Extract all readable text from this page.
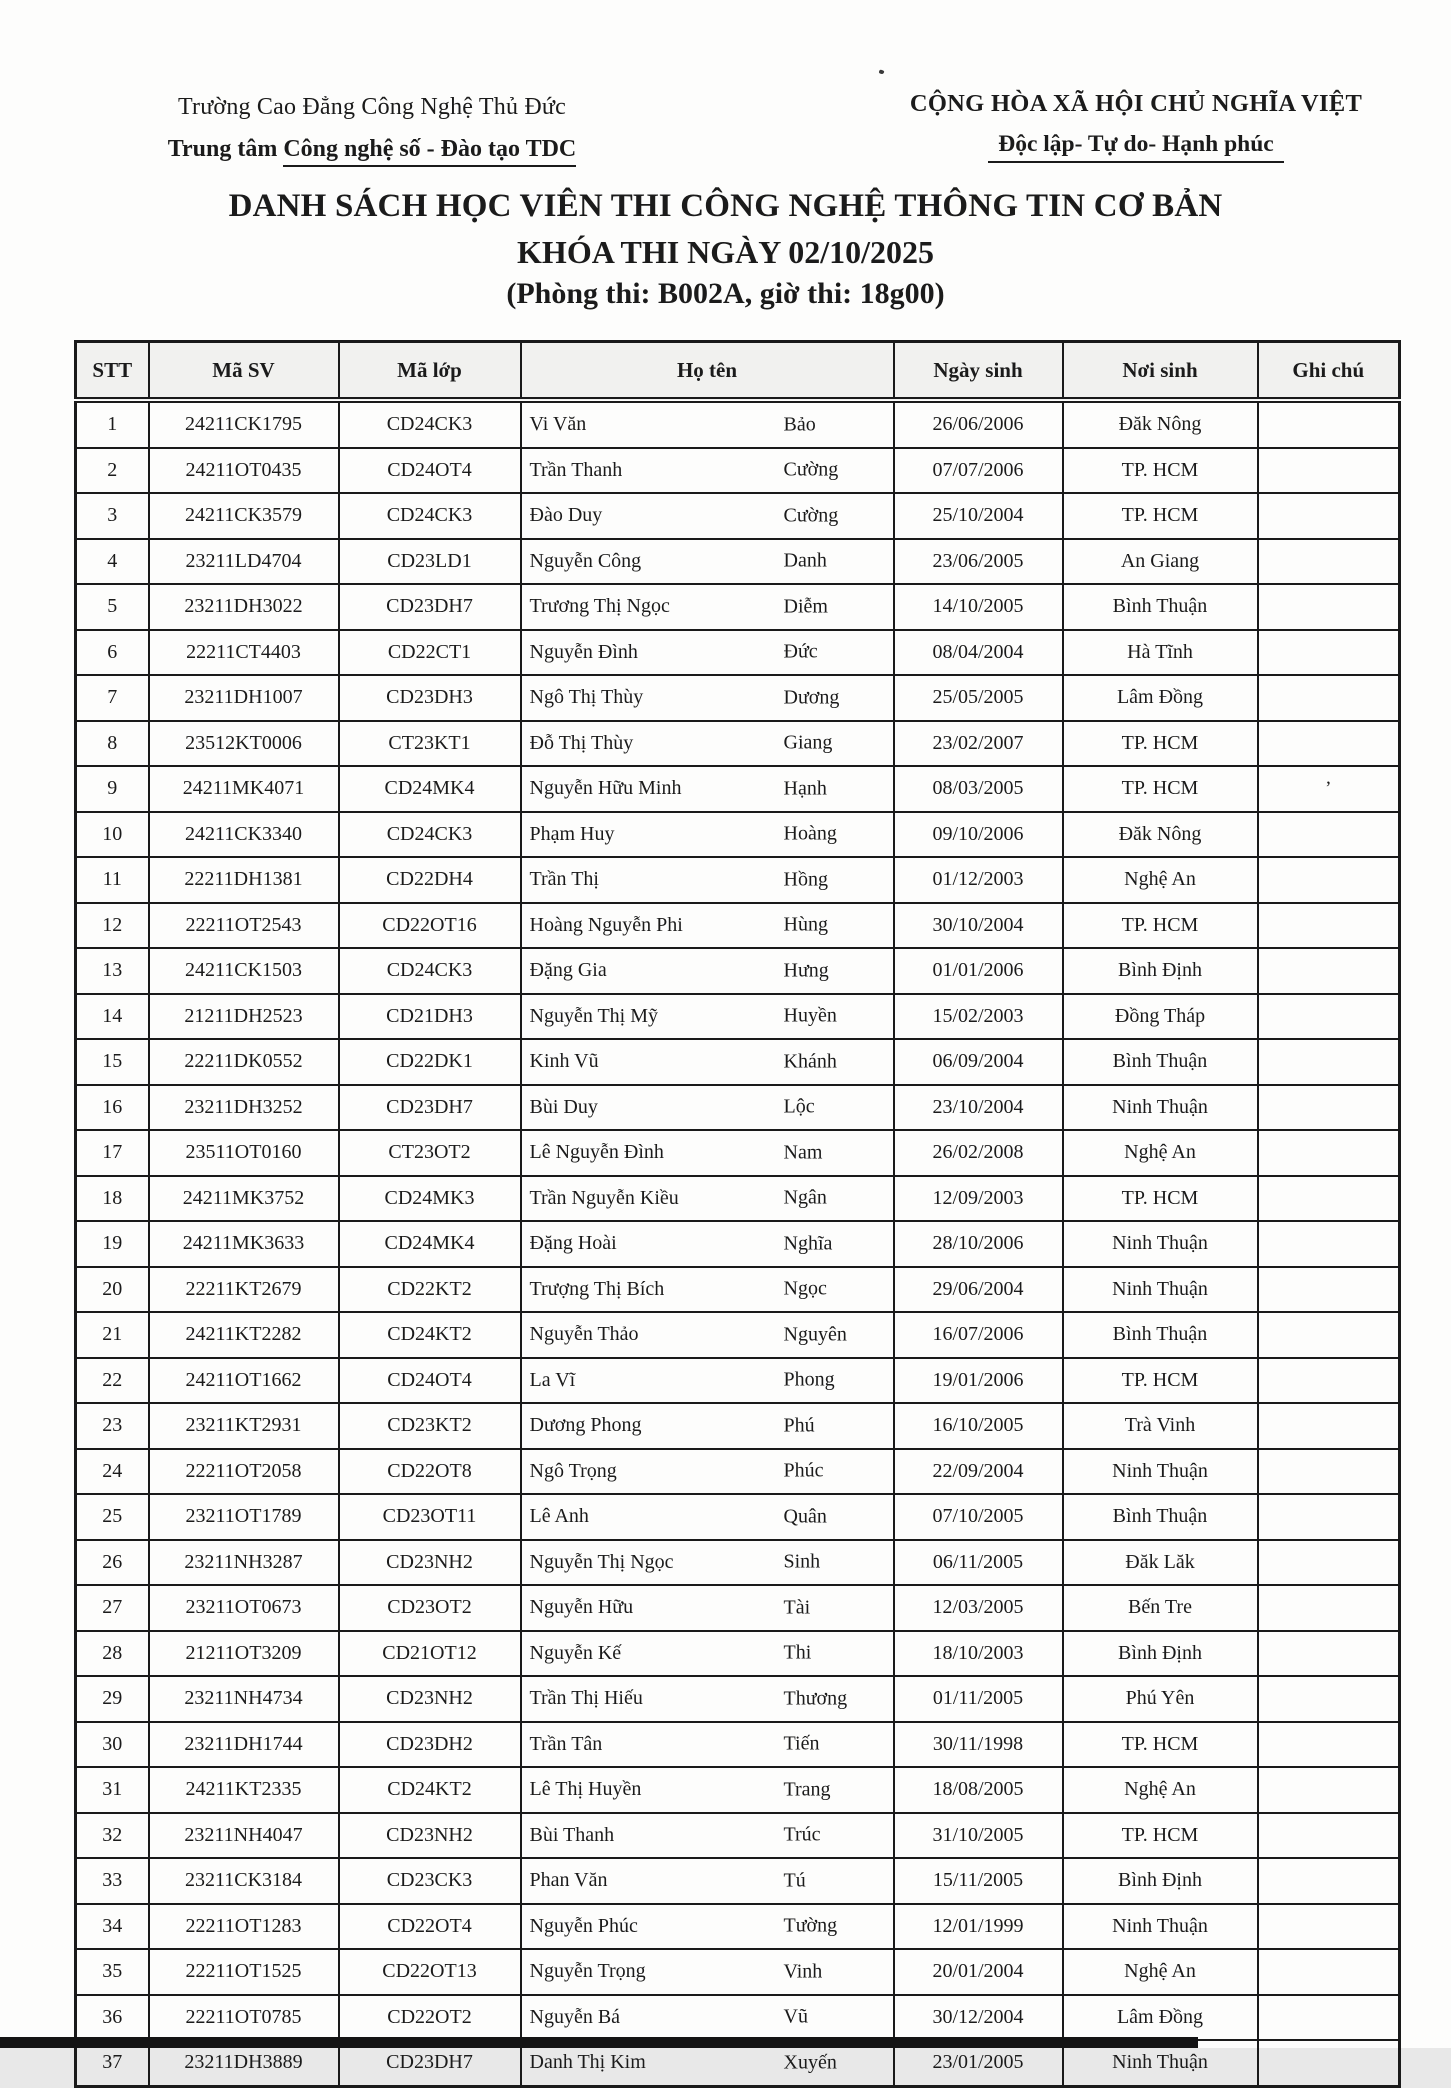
Trường Cao Đẳng Công Nghệ Thủ Đức
Trung tâm Công nghệ số - Đào tạo TDC
CỘNG HÒA XÃ HỘI CHỦ NGHĨA VIỆT
Độc lập- Tự do- Hạnh phúc
DANH SÁCH HỌC VIÊN THI CÔNG NGHỆ THÔNG TIN CƠ BẢN
KHÓA THI NGÀY 02/10/2025
(Phòng thi: B002A, giờ thi: 18g00)
STT	Mã SV	Mã lớp	Họ tên	Ngày sinh	Nơi sinh	Ghi chú
1	24211CK1795	CD24CK3	Vi Văn Bảo	26/06/2006	Đăk Nông	
2	24211OT0435	CD24OT4	Trần Thanh Cường	07/07/2006	TP. HCM	
3	24211CK3579	CD24CK3	Đào Duy Cường	25/10/2004	TP. HCM	
4	23211LD4704	CD23LD1	Nguyễn Công Danh	23/06/2005	An Giang	
5	23211DH3022	CD23DH7	Trương Thị Ngọc Diễm	14/10/2005	Bình Thuận	
6	22211CT4403	CD22CT1	Nguyễn Đình Đức	08/04/2004	Hà Tĩnh	
7	23211DH1007	CD23DH3	Ngô Thị Thùy Dương	25/05/2005	Lâm Đồng	
8	23512KT0006	CT23KT1	Đỗ Thị Thùy Giang	23/02/2007	TP. HCM	
9	24211MK4071	CD24MK4	Nguyễn Hữu Minh Hạnh	08/03/2005	TP. HCM	’
10	24211CK3340	CD24CK3	Phạm Huy Hoàng	09/10/2006	Đăk Nông	
11	22211DH1381	CD22DH4	Trần Thị Hồng	01/12/2003	Nghệ An	
12	22211OT2543	CD22OT16	Hoàng Nguyễn Phi Hùng	30/10/2004	TP. HCM	
13	24211CK1503	CD24CK3	Đặng Gia Hưng	01/01/2006	Bình Định	
14	21211DH2523	CD21DH3	Nguyễn Thị Mỹ Huyền	15/02/2003	Đồng Tháp	
15	22211DK0552	CD22DK1	Kinh Vũ Khánh	06/09/2004	Bình Thuận	
16	23211DH3252	CD23DH7	Bùi Duy Lộc	23/10/2004	Ninh Thuận	
17	23511OT0160	CT23OT2	Lê Nguyễn Đình Nam	26/02/2008	Nghệ An	
18	24211MK3752	CD24MK3	Trần Nguyễn Kiều Ngân	12/09/2003	TP. HCM	
19	24211MK3633	CD24MK4	Đặng Hoài Nghĩa	28/10/2006	Ninh Thuận	
20	22211KT2679	CD22KT2	Trượng Thị Bích Ngọc	29/06/2004	Ninh Thuận	
21	24211KT2282	CD24KT2	Nguyễn Thảo Nguyên	16/07/2006	Bình Thuận	
22	24211OT1662	CD24OT4	La Vĩ Phong	19/01/2006	TP. HCM	
23	23211KT2931	CD23KT2	Dương Phong Phú	16/10/2005	Trà Vinh	
24	22211OT2058	CD22OT8	Ngô Trọng Phúc	22/09/2004	Ninh Thuận	
25	23211OT1789	CD23OT11	Lê Anh Quân	07/10/2005	Bình Thuận	
26	23211NH3287	CD23NH2	Nguyễn Thị Ngọc Sinh	06/11/2005	Đăk Lăk	
27	23211OT0673	CD23OT2	Nguyễn Hữu Tài	12/03/2005	Bến Tre	
28	21211OT3209	CD21OT12	Nguyễn Kế Thi	18/10/2003	Bình Định	
29	23211NH4734	CD23NH2	Trần Thị Hiếu Thương	01/11/2005	Phú Yên	
30	23211DH1744	CD23DH2	Trần Tân Tiến	30/11/1998	TP. HCM	
31	24211KT2335	CD24KT2	Lê Thị Huyền Trang	18/08/2005	Nghệ An	
32	23211NH4047	CD23NH2	Bùi Thanh Trúc	31/10/2005	TP. HCM	
33	23211CK3184	CD23CK3	Phan Văn Tú	15/11/2005	Bình Định	
34	22211OT1283	CD22OT4	Nguyễn Phúc Tường	12/01/1999	Ninh Thuận	
35	22211OT1525	CD22OT13	Nguyễn Trọng Vinh	20/01/2004	Nghệ An	
36	22211OT0785	CD22OT2	Nguyễn Bá Vũ	30/12/2004	Lâm Đồng	
37	23211DH3889	CD23DH7	Danh Thị Kim Xuyến	23/01/2005	Ninh Thuận	
